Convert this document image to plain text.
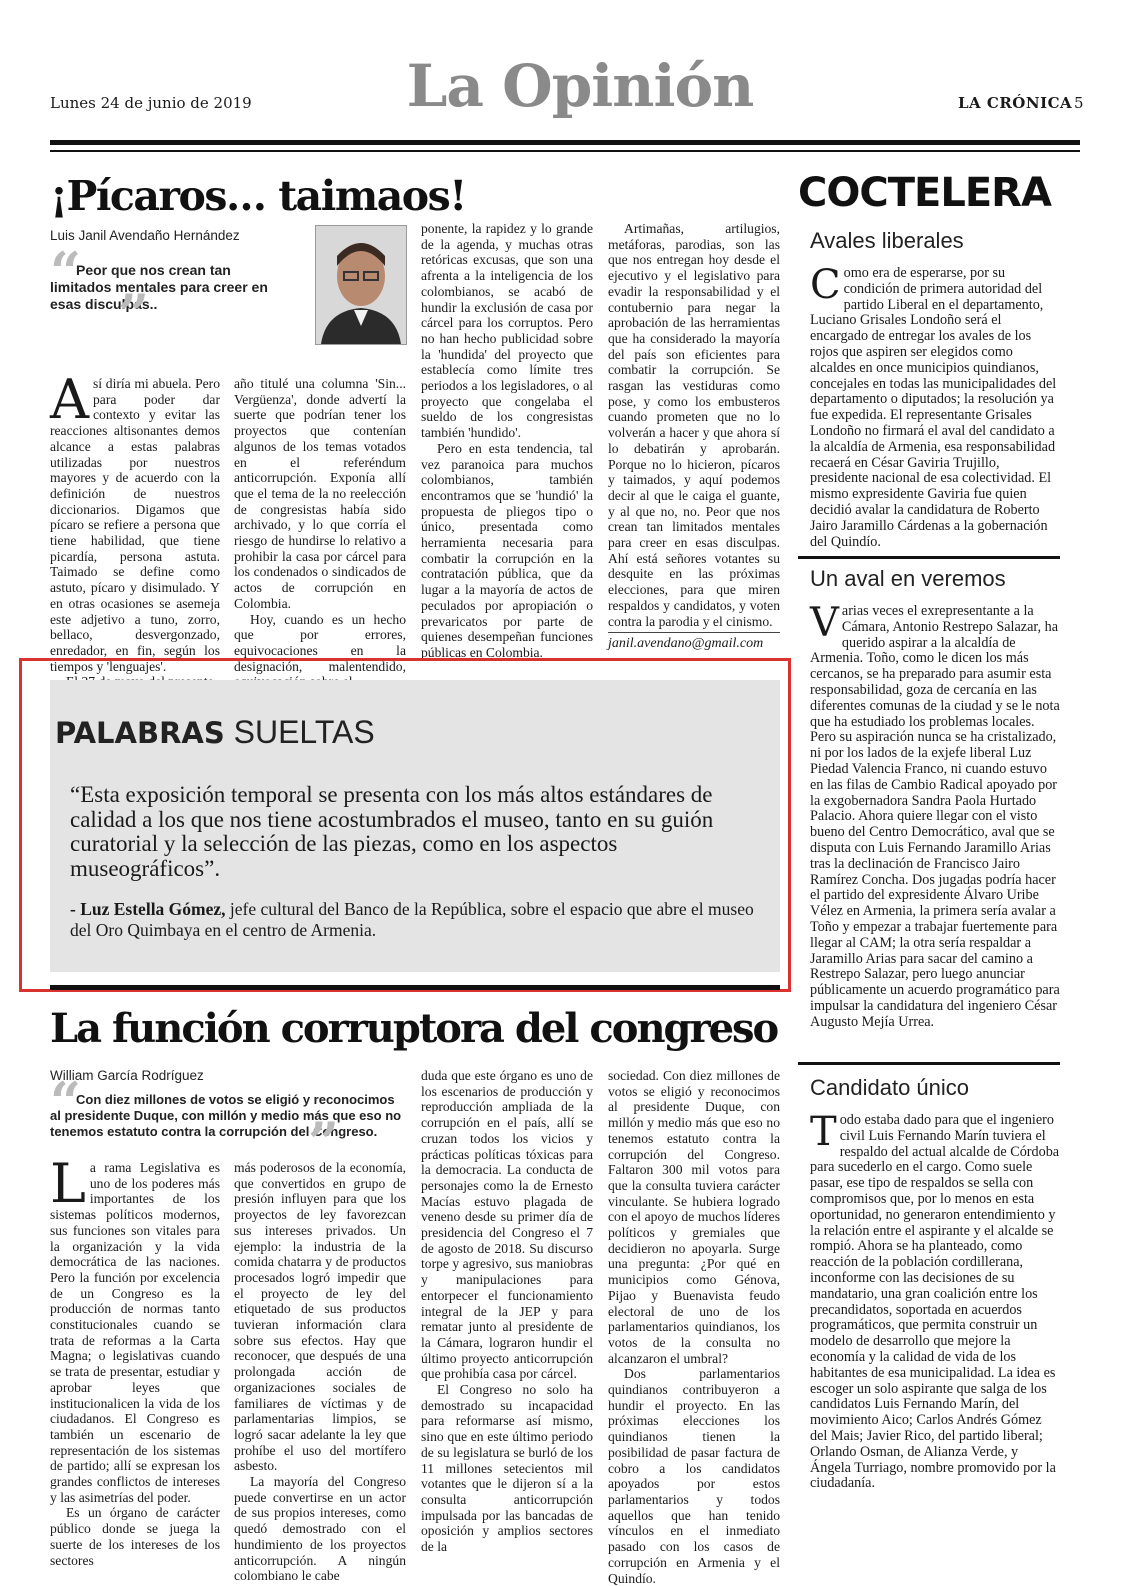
Lunes 24 de junio de 2019	La Opinión	LA CRÓNICA 5
¡Pícaros… taimaos!
Luis Janil Avendaño Hernández
“
Peor que nos crean tan limitados mentales para creer en esas disculpas..
”

Así diría mi abuela. Pero para poder dar contexto y evitar las reacciones altisonantes demos alcance a estas palabras utilizadas por nuestros mayores y de acuerdo con la definición de nuestros diccionarios. Digamos que pícaro se refiere a persona que tiene habilidad, que tiene picardía, persona astuta. Taimado se define como astuto, pícaro y disimulado. Y en otras ocasiones se asemeja este adjetivo a tuno, zorro, bellaco, desvergonzado, enredador, en fin, según los tiempos y 'lenguajes'.

año titulé una columna 'Sin... Vergüenza', donde advertí la suerte que podrían tener los proyectos que contenían algunos de los temas votados en el referéndum anticorrupción. Exponía allí que el tema de la no reelección de congresistas había sido archivado, y lo que corría el riesgo de hundirse lo relativo a prohibir la casa por cárcel para los condenados o sindicados de actos de corrupción en Colombia.

Hoy, cuando es un hecho que por errores, equivocaciones en la designación, malentendido,

ponente, la rapidez y lo grande de la agenda, y muchas otras retóricas excusas, que son una afrenta a la inteligencia de los colombianos, se acabó de hundir la exclusión de casa por cárcel para los corruptos. Pero no han hecho publicidad sobre la 'hundida' del proyecto que establecía como límite tres periodos a los legisladores, o al proyecto que congelaba el sueldo de los congresistas también 'hundido'.

Pero en esta tendencia, tal vez paranoica para muchos colombianos, también encontramos que se 'hundió' la propuesta de pliegos tipo o único, presentada como herramienta necesaria para combatir la corrupción en la contratación pública, que da lugar a la mayoría de actos de peculados por apropiación o prevaricatos por parte de quienes desempeñan funciones públicas en Colombia.

Artimañas, artilugios, metáforas, parodias, son las que nos entregan hoy desde el ejecutivo y el legislativo para evadir la responsabilidad y el contubernio para negar la aprobación de las herramientas que ha considerado la mayoría del país son eficientes para combatir la corrupción. Se rasgan las vestiduras como pose, y como los embusteros cuando prometen que no lo volverán a hacer y que ahora sí lo debatirán y aprobarán. Porque no lo hicieron, pícaros y taimados, y aquí podemos decir al que le caiga el guante, y al que no, no. Peor que nos crean tan limitados mentales para creer en esas disculpas. Ahí está señores votantes su desquite en las próximas elecciones, para que miren respaldos y candidatos, y voten contra la parodia y el cinismo.

janil.avendano@gmail.com
PALABRAS SUELTAS
“Esta exposición temporal se presenta con los más altos estándares de calidad a los que nos tiene acostumbrados el museo, tanto en su guión curatorial y la selección de las piezas, como en los aspectos museográficos”.
- Luz Estella Gómez, jefe cultural del Banco de la República, sobre el espacio que abre el museo del Oro Quimbaya en el centro de Armenia.
La función corruptora del congreso
William García Rodríguez
“
Con diez millones de votos se eligió y reconocimos al presidente Duque, con millón y medio más que eso no tenemos estatuto contra la corrupción del Congreso.
”

La rama Legislativa es uno de los poderes más importantes de los sistemas políticos modernos, sus funciones son vitales para la organización y la vida democrática de las naciones. Pero la función por excelencia de un Congreso es la producción de normas tanto constitucionales cuando se trata de reformas a la Carta Magna; o legislativas cuando se trata de presentar, estudiar y aprobar leyes que institucionalicen la vida de los ciudadanos. El Congreso es también un escenario de representación de los sistemas de partido; allí se expresan los grandes conflictos de intereses y las asimetrías del poder.

Es un órgano de carácter público donde se juega la suerte de los intereses de los sectores

más poderosos de la economía, que convertidos en grupo de presión influyen para que los proyectos de ley favorezcan sus intereses privados. Un ejemplo: la industria de la comida chatarra y de productos procesados logró impedir que el proyecto de ley del etiquetado de sus productos tuvieran información clara sobre sus efectos. Hay que reconocer, que después de una prolongada acción de organizaciones sociales de familiares de víctimas y de parlamentarias limpios, se logró sacar adelante la ley que prohíbe el uso del mortífero asbesto.

La mayoría del Congreso puede convertirse en un actor de sus propios intereses, como quedó demostrado con el hundimiento de los proyectos anticorrupción. A ningún colombiano le cabe

duda que este órgano es uno de los escenarios de producción y reproducción ampliada de la corrupción en el país, allí se cruzan todos los vicios y prácticas políticas tóxicas para la democracia. La conducta de personajes como la de Ernesto Macías estuvo plagada de veneno desde su primer día de presidencia del Congreso el 7 de agosto de 2018. Su discurso torpe y agresivo, sus maniobras y manipulaciones para entorpecer el funcionamiento integral de la JEP y para rematar junto al presidente de la Cámara, lograron hundir el último proyecto anticorrupción que prohibía casa por cárcel.

El Congreso no solo ha demostrado su incapacidad para reformarse así mismo, sino que en este último periodo de su legislatura se burló de los 11 millones setecientos mil votantes que le dijeron sí a la consulta anticorrupción impulsada por las bancadas de oposición y amplios sectores de la

sociedad. Con diez millones de votos se eligió y reconocimos al presidente Duque, con millón y medio más que eso no tenemos estatuto contra la corrupción del Congreso. Faltaron 300 mil votos para que la consulta tuviera carácter vinculante. Se hubiera logrado con el apoyo de muchos líderes políticos y gremiales que decidieron no apoyarla. Surge una pregunta: ¿Por qué en municipios como Génova, Pijao y Buenavista feudo electoral de uno de los parlamentarios quindianos, los votos de la consulta no alcanzaron el umbral?

Dos parlamentarios quindianos contribuyeron a hundir el proyecto. En las próximas elecciones los quindianos tienen la posibilidad de pasar factura de cobro a los candidatos apoyados por estos parlamentarios y todos aquellos que han tenido vínculos en el inmediato pasado con los casos de corrupción en Armenia y el Quindío.

COCTELERA
Avales liberales
Como era de esperarse, por su condición de primera autoridad del partido Liberal en el departamento, Luciano Grisales Londoño será el encargado de entregar los avales de los rojos que aspiren ser elegidos como alcaldes en once municipios quindianos, concejales en todas las municipalidades del departamento o diputados; la resolución ya fue expedida. El representante Grisales Londoño no firmará el aval del candidato a la alcaldía de Armenia, esa responsabilidad recaerá en César Gaviria Trujillo, presidente nacional de esa colectividad. El mismo expresidente Gaviria fue quien decidió avalar la candidatura de Roberto Jairo Jaramillo Cárdenas a la gobernación del Quindío.
Un aval en veremos
Varias veces el exrepresentante a la Cámara, Antonio Restrepo Salazar, ha querido aspirar a la alcaldía de Armenia. Toño, como le dicen los más cercanos, se ha preparado para asumir esta responsabilidad, goza de cercanía en las diferentes comunas de la ciudad y se le nota que ha estudiado los problemas locales. Pero su aspiración nunca se ha cristalizado, ni por los lados de la exjefe liberal Luz Piedad Valencia Franco, ni cuando estuvo en las filas de Cambio Radical apoyado por la exgobernadora Sandra Paola Hurtado Palacio. Ahora quiere llegar con el visto bueno del Centro Democrático, aval que se disputa con Luis Fernando Jaramillo Arias tras la declinación de Francisco Jairo Ramírez Concha. Dos jugadas podría hacer el partido del expresidente Álvaro Uribe Vélez en Armenia, la primera sería avalar a Toño y empezar a trabajar fuertemente para llegar al CAM; la otra sería respaldar a Jaramillo Arias para sacar del camino a Restrepo Salazar, pero luego anunciar públicamente un acuerdo programático para impulsar la candidatura del ingeniero César Augusto Mejía Urrea.
Candidato único
Todo estaba dado para que el ingeniero civil Luis Fernando Marín tuviera el respaldo del actual alcalde de Córdoba para sucederlo en el cargo. Como suele pasar, ese tipo de respaldos se sella con compromisos que, por lo menos en esta oportunidad, no generaron entendimiento y la relación entre el aspirante y el alcalde se rompió. Ahora se ha planteado, como reacción de la población cordillerana, inconforme con las decisiones de su mandatario, una gran coalición entre los precandidatos, soportada en acuerdos programáticos, que permita construir un modelo de desarrollo que mejore la economía y la calidad de vida de los habitantes de esa municipalidad. La idea es escoger un solo aspirante que salga de los candidatos Luis Fernando Marín, del movimiento Aico; Carlos Andrés Gómez del Mais; Javier Rico, del partido liberal; Orlando Osman, de Alianza Verde, y Ángela Turriago, nombre promovido por la ciudadanía.
